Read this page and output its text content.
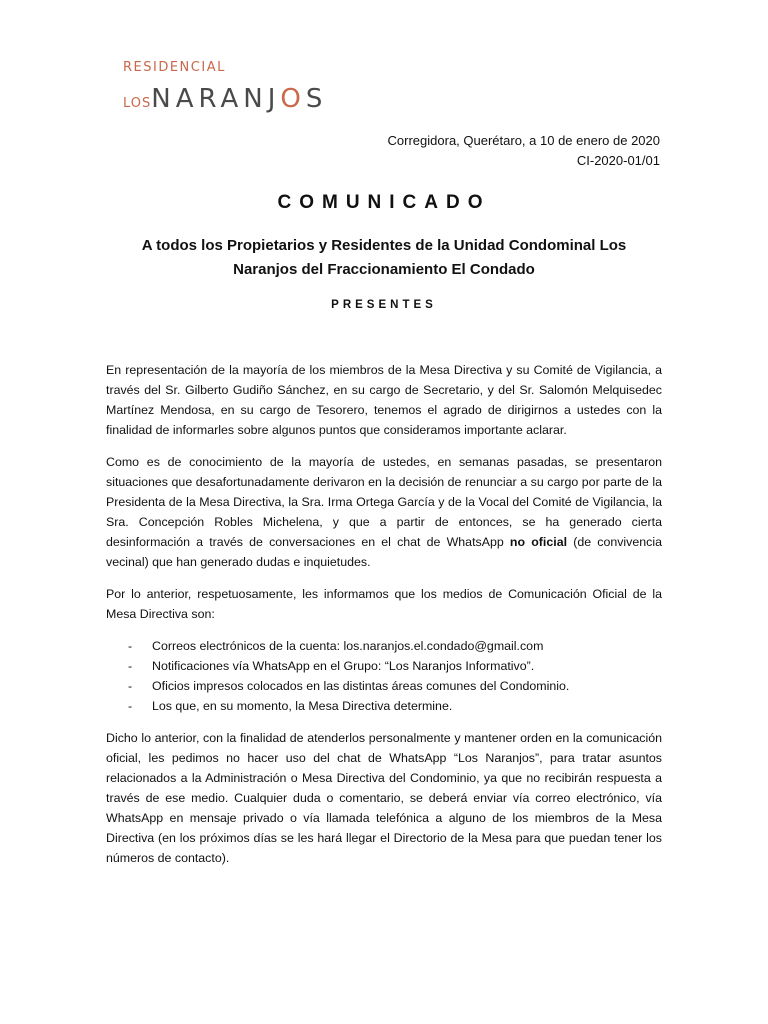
RESIDENCIAL
LOSNARANJOS
Corregidora, Querétaro, a 10 de enero de 2020
CI-2020-01/01
COMUNICADO
A todos los Propietarios y Residentes de la Unidad Condominal Los
Naranjos del Fraccionamiento El Condado
PRESENTES

En representación de la mayoría de los miembros de la Mesa Directiva y su Comité de Vigilancia, a través del Sr. Gilberto Gudiño Sánchez, en su cargo de Secretario, y del Sr. Salomón Melquisedec Martínez Mendosa, en su cargo de Tesorero, tenemos el agrado de dirigirnos a ustedes con la finalidad de informarles sobre algunos puntos que consideramos importante aclarar.

Como es de conocimiento de la mayoría de ustedes, en semanas pasadas, se presentaron situaciones que desafortunadamente derivaron en la decisión de renunciar a su cargo por parte de la Presidenta de la Mesa Directiva, la Sra. Irma Ortega García y de la Vocal del Comité de Vigilancia, la Sra. Concepción Robles Michelena, y que a partir de entonces, se ha generado cierta desinformación a través de conversaciones en el chat de WhatsApp no oficial (de convivencia vecinal) que han generado dudas e inquietudes.

Por lo anterior, respetuosamente, les informamos que los medios de Comunicación Oficial de la Mesa Directiva son:

- Correos electrónicos de la cuenta: los.naranjos.el.condado@gmail.com
- Notificaciones vía WhatsApp en el Grupo: “Los Naranjos Informativo”.
- Oficios impresos colocados en las distintas áreas comunes del Condominio.
- Los que, en su momento, la Mesa Directiva determine.

Dicho lo anterior, con la finalidad de atenderlos personalmente y mantener orden en la comunicación oficial, les pedimos no hacer uso del chat de WhatsApp “Los Naranjos”, para tratar asuntos relacionados a la Administración o Mesa Directiva del Condominio, ya que no recibirán respuesta a través de ese medio. Cualquier duda o comentario, se deberá enviar vía correo electrónico, vía WhatsApp en mensaje privado o vía llamada telefónica a alguno de los miembros de la Mesa Directiva (en los próximos días se les hará llegar el Directorio de la Mesa para que puedan tener los números de contacto).
